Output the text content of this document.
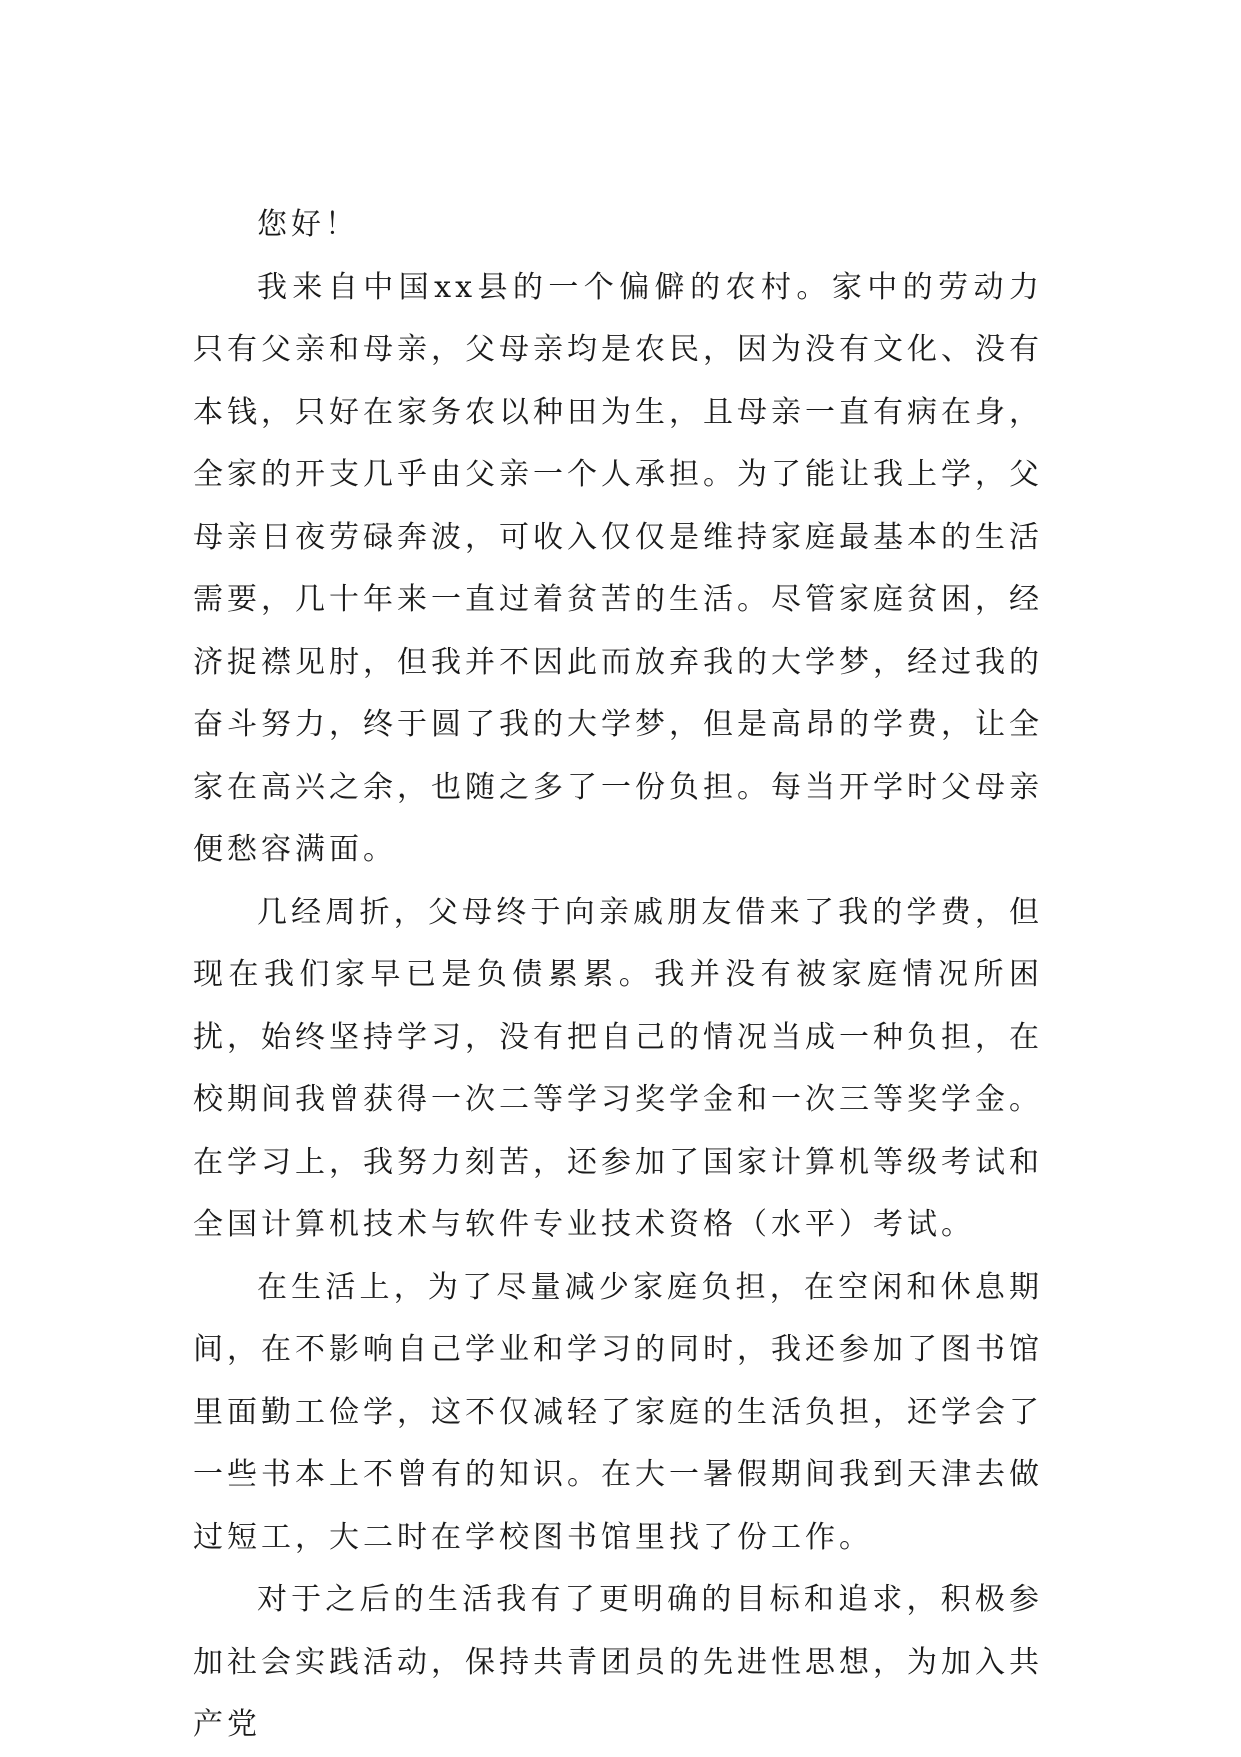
您好！

我来自中国xx县的一个偏僻的农村。家中的劳动力只有父亲和母亲，父母亲均是农民，因为没有文化、没有本钱，只好在家务农以种田为生，且母亲一直有病在身，全家的开支几乎由父亲一个人承担。为了能让我上学，父母亲日夜劳碌奔波，可收入仅仅是维持家庭最基本的生活需要，几十年来一直过着贫苦的生活。尽管家庭贫困，经济捉襟见肘，但我并不因此而放弃我的大学梦，经过我的奋斗努力，终于圆了我的大学梦，但是高昂的学费，让全家在高兴之余，也随之多了一份负担。每当开学时父母亲便愁容满面。

几经周折，父母终于向亲戚朋友借来了我的学费，但现在我们家早已是负债累累。我并没有被家庭情况所困扰，始终坚持学习，没有把自己的情况当成一种负担，在校期间我曾获得一次二等学习奖学金和一次三等奖学金。在学习上，我努力刻苦，还参加了国家计算机等级考试和全国计算机技术与软件专业技术资格（水平）考试。

在生活上，为了尽量减少家庭负担，在空闲和休息期间，在不影响自己学业和学习的同时，我还参加了图书馆里面勤工俭学，这不仅减轻了家庭的生活负担，还学会了一些书本上不曾有的知识。在大一暑假期间我到天津去做过短工，大二时在学校图书馆里找了份工作。

对于之后的生活我有了更明确的目标和追求，积极参加社会实践活动，保持共青团员的先进性思想，为加入共产党
